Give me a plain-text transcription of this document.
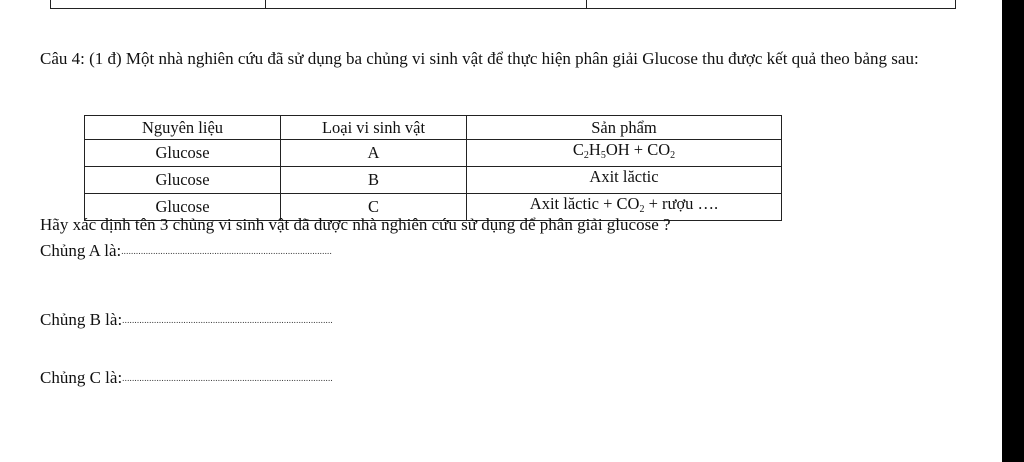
Câu 4: (1 đ) Một nhà nghiên cứu đã sử dụng ba chủng vi sinh vật để thực hiện phân giải Glucose thu được kết quả theo bảng sau:
Nguyên liệu	Loại vi sinh vật	Sản phẩm
Glucose	A	$C_2H_5OH + CO_2$
Glucose	B	Axit lăctic
Glucose	C	Axit lăctic + $CO_2$ + rượu ….
Hãy xác định tên 3 chủng vi sinh vật đã được nhà nghiên cứu sử dụng để phân giải glucose ?
Chủng A là:......................................................................................
Chủng B là:......................................................................................
Chủng C là:......................................................................................
